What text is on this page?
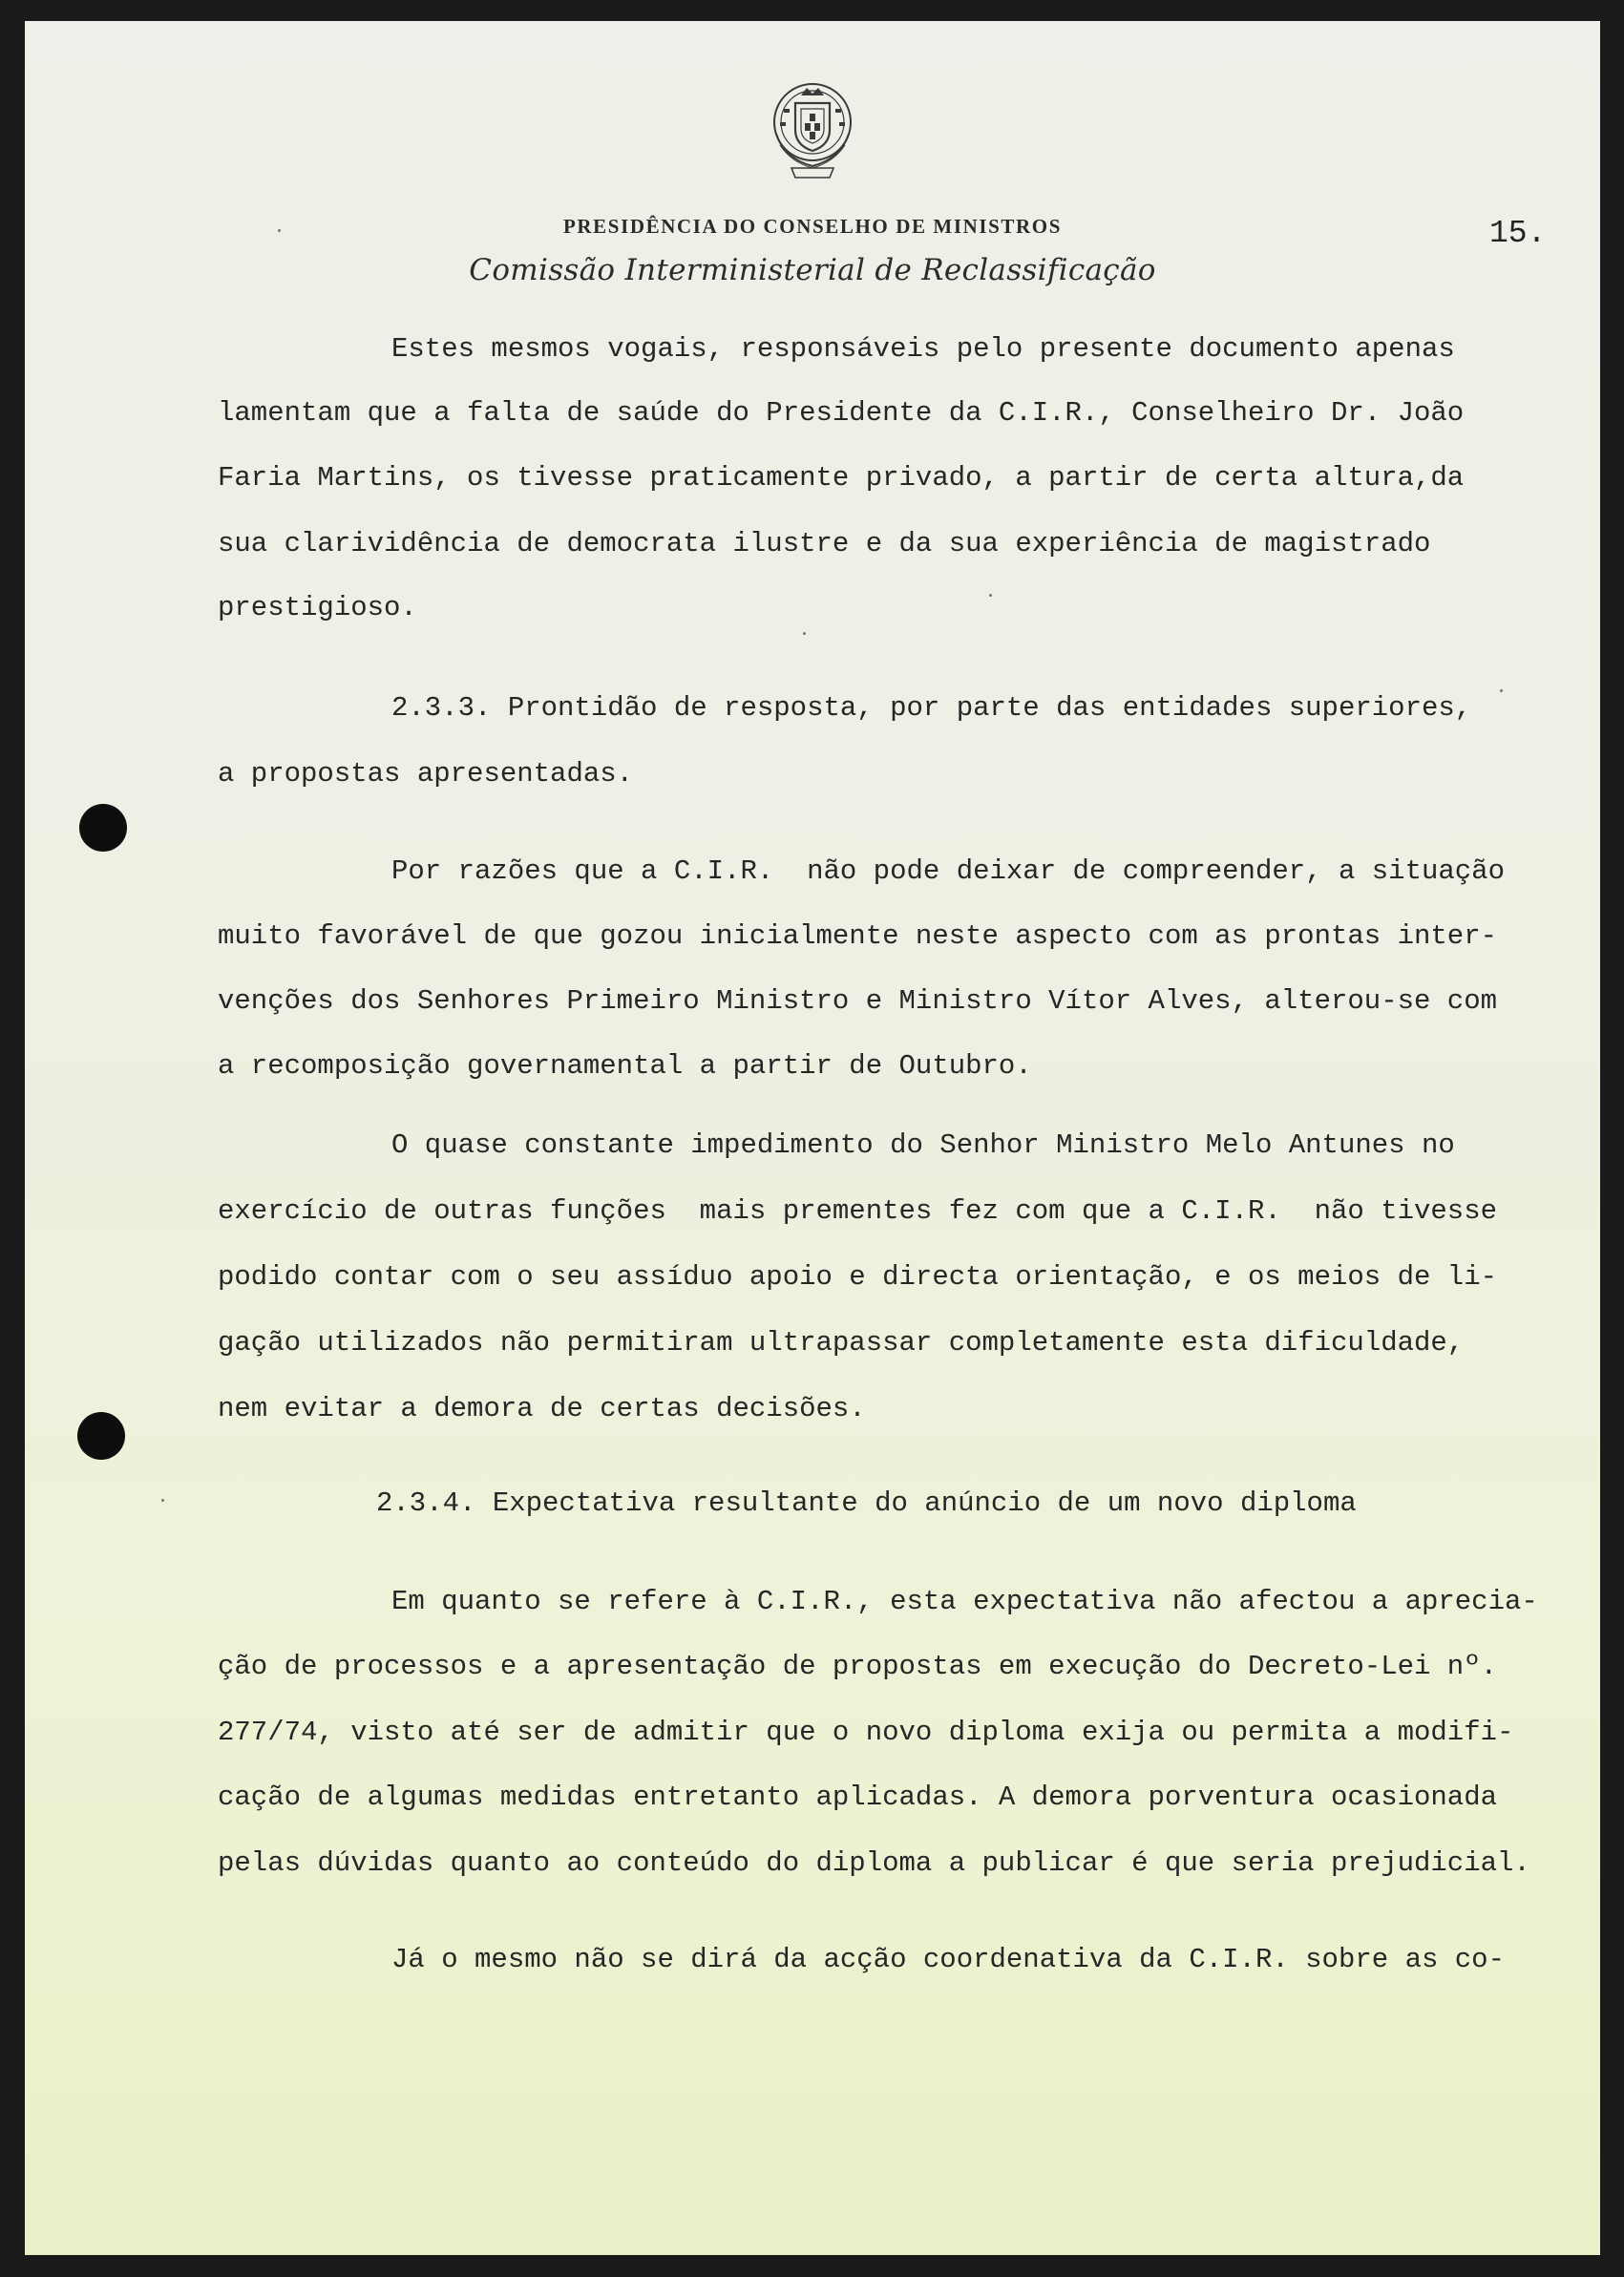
PRESIDÊNCIA DO CONSELHO DE MINISTROS
Comissão Interministerial de Reclassificação
15.

Estes mesmos vogais, responsáveis pelo presente documento apenas

lamentam que a falta de saúde do Presidente da C.I.R., Conselheiro Dr. João

Faria Martins, os tivesse praticamente privado, a partir de certa altura,da

sua clarividência de democrata ilustre e da sua experiência de magistrado

prestigioso.

2.3.3. Prontidão de resposta, por parte das entidades superiores,

a propostas apresentadas.

Por razões que a C.I.R.  não pode deixar de compreender, a situação

muito favorável de que gozou inicialmente neste aspecto com as prontas inter-

venções dos Senhores Primeiro Ministro e Ministro Vítor Alves, alterou-se com

a recomposição governamental a partir de Outubro.

O quase constante impedimento do Senhor Ministro Melo Antunes no

exercício de outras funções  mais prementes fez com que a C.I.R.  não tivesse

podido contar com o seu assíduo apoio e directa orientação, e os meios de li-

gação utilizados não permitiram ultrapassar completamente esta dificuldade,

nem evitar a demora de certas decisões.

2.3.4. Expectativa resultante do anúncio de um novo diploma

Em quanto se refere à C.I.R., esta expectativa não afectou a aprecia-

ção de processos e a apresentação de propostas em execução do Decreto-Lei nº.

277/74, visto até ser de admitir que o novo diploma exija ou permita a modifi-

cação de algumas medidas entretanto aplicadas. A demora porventura ocasionada

pelas dúvidas quanto ao conteúdo do diploma a publicar é que seria prejudicial.

Já o mesmo não se dirá da acção coordenativa da C.I.R. sobre as co-
